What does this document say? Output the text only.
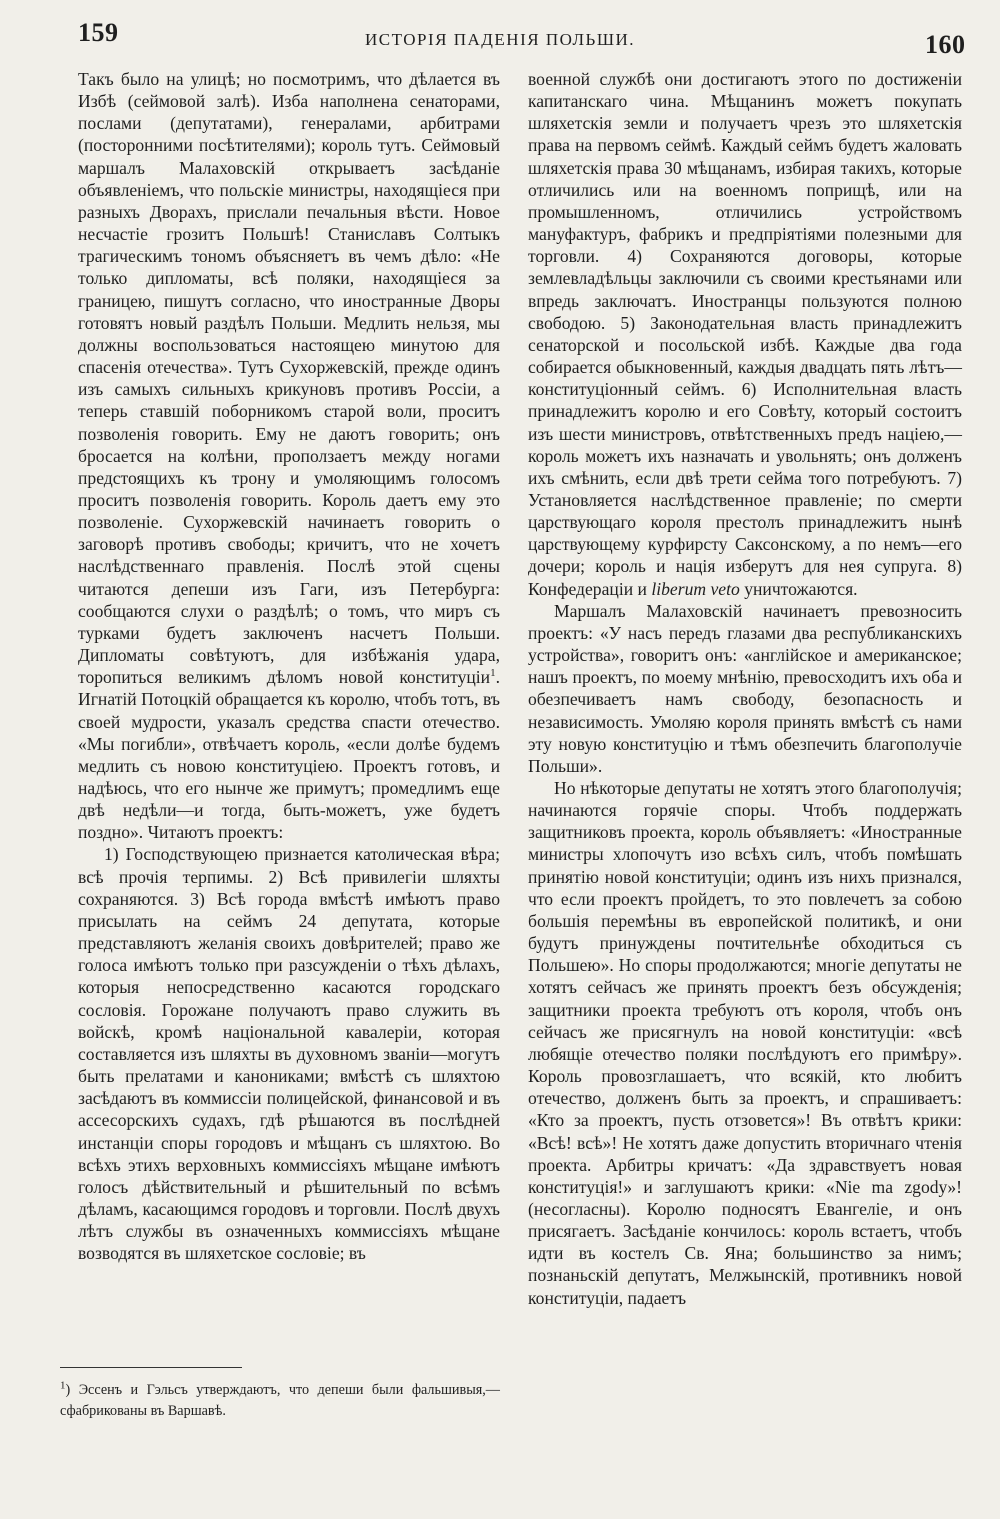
159	ИСТОРІЯ ПАДЕНІЯ ПОЛЬШИ.	160

Такъ было на улицѣ; но посмотримъ, что дѣлается въ Избѣ (сеймовой залѣ). Изба наполнена сенаторами, послами (депутатами), генералами, арбитрами (посторонними посѣтителями); король тутъ. Сеймовый маршалъ Малаховскій открываетъ засѣданіе объявленіемъ, что польскіе министры, находящіеся при разныхъ Дворахъ, прислали печальныя вѣсти. Новое несчастіе грозитъ Польшѣ! Станиславъ Солтыкъ трагическимъ тономъ объясняетъ въ чемъ дѣло: «Не только дипломаты, всѣ поляки, находящіеся за границею, пишутъ согласно, что иностранные Дворы готовятъ новый раздѣлъ Польши. Медлить нельзя, мы должны воспользоваться настоящею минутою для спасенія отечества». Тутъ Сухоржевскій, прежде одинъ изъ самыхъ сильныхъ крикуновъ противъ Россіи, а теперь ставшій поборникомъ старой воли, проситъ позволенія говорить. Ему не даютъ говорить; онъ бросается на колѣни, проползаетъ между ногами предстоящихъ къ трону и умоляющимъ голосомъ проситъ позволенія говорить. Король даетъ ему это позволеніе. Сухоржевскій начинаетъ говорить о заговорѣ противъ свободы; кричитъ, что не хочетъ наслѣдственнаго правленія. Послѣ этой сцены читаются депеши изъ Гаги, изъ Петербурга: сообщаются слухи о раздѣлѣ; о томъ, что миръ съ турками будетъ заключенъ насчетъ Польши. Дипломаты совѣтуютъ, для избѣжанія удара, торопиться великимъ дѣломъ новой конституціи$^1$. Игнатій Потоцкій обращается къ королю, чтобъ тотъ, въ своей мудрости, указалъ средства спасти отечество. «Мы погибли», отвѣчаетъ король, «если долѣе будемъ медлить съ новою конституціею. Проектъ готовъ, и надѣюсь, что его нынче же примутъ; промедлимъ еще двѣ недѣли—и тогда, быть-можетъ, уже будетъ поздно». Читаютъ проектъ:

1) Господствующею признается католическая вѣра; всѣ прочія терпимы. 2) Всѣ привилегіи шляхты сохраняются. 3) Всѣ города вмѣстѣ имѣютъ право присылать на сеймъ 24 депутата, которые представляютъ желанія своихъ довѣрителей; право же голоса имѣютъ только при разсужденіи о тѣхъ дѣлахъ, которыя непосредственно касаются городскаго сословія. Горожане получаютъ право служить въ войскѣ, кромѣ національной кавалеріи, которая составляется изъ шляхты въ духовномъ званіи—могутъ быть прелатами и канониками; вмѣстѣ съ шляхтою засѣдаютъ въ коммиссіи полицейской, финансовой и въ ассесорскихъ судахъ, гдѣ рѣшаются въ послѣдней инстанціи споры городовъ и мѣщанъ съ шляхтою. Во всѣхъ этихъ верховныхъ коммиссіяхъ мѣщане имѣютъ голосъ дѣйствительный и рѣшительный по всѣмъ дѣламъ, касающимся городовъ и торговли. Послѣ двухъ лѣтъ службы въ означенныхъ коммиссіяхъ мѣщане возводятся въ шляхетское сословіе; въ

военной службѣ они достигаютъ этого по достиженіи капитанскаго чина. Мѣщанинъ можетъ покупать шляхетскія земли и получаетъ чрезъ это шляхетскія права на первомъ сеймѣ. Каждый сеймъ будетъ жаловать шляхетскія права 30 мѣщанамъ, избирая такихъ, которые отличились или на военномъ поприщѣ, или на промышленномъ, отличились устройствомъ мануфактуръ, фабрикъ и предпріятіями полезными для торговли. 4) Сохраняются договоры, которые землевладѣльцы заключили съ своими крестьянами или впредь заключатъ. Иностранцы пользуются полною свободою. 5) Законодательная власть принадлежитъ сенаторской и посольской избѣ. Каждые два года собирается обыкновенный, каждыя двадцать пять лѣтъ—конституціонный сеймъ. 6) Исполнительная власть принадлежитъ королю и его Совѣту, который состоитъ изъ шести министровъ, отвѣтственныхъ предъ націею,—король можетъ ихъ назначать и увольнять; онъ долженъ ихъ смѣнить, если двѣ трети сейма того потребуютъ. 7) Установляется наслѣдственное правленіе; по смерти царствующаго короля престолъ принадлежитъ нынѣ царствующему курфирсту Саксонскому, а по немъ—его дочери; король и нація изберутъ для нея супруга. 8) Конфедераціи и liberum veto уничтожаются.

Маршалъ Малаховскій начинаетъ превозносить проектъ: «У насъ передъ глазами два республиканскихъ устройства», говоритъ онъ: «англійское и американское; нашъ проектъ, по моему мнѣнію, превосходитъ ихъ оба и обезпечиваетъ намъ свободу, безопасность и независимость. Умоляю короля принять вмѣстѣ съ нами эту новую конституцію и тѣмъ обезпечить благополучіе Польши».

Но нѣкоторые депутаты не хотятъ этого благополучія; начинаются горячіе споры. Чтобъ поддержать защитниковъ проекта, король объявляетъ: «Иностранные министры хлопочутъ изо всѣхъ силъ, чтобъ помѣшать принятію новой конституціи; одинъ изъ нихъ признался, что если проектъ пройдетъ, то это повлечетъ за собою большія перемѣны въ европейской политикѣ, и они будутъ принуждены почтительнѣе обходиться съ Польшею». Но споры продолжаются; многіе депутаты не хотятъ сейчасъ же принять проектъ безъ обсужденія; защитники проекта требуютъ отъ короля, чтобъ онъ сейчасъ же присягнулъ на новой конституціи: «всѣ любящіе отечество поляки послѣдуютъ его примѣру». Король провозглашаетъ, что всякій, кто любитъ отечество, долженъ быть за проектъ, и спрашиваетъ: «Кто за проектъ, пусть отзовется»! Въ отвѣтъ крики: «Всѣ! всѣ»! Не хотятъ даже допустить вторичнаго чтенія проекта. Арбитры кричатъ: «Да здравствуетъ новая конституція!» и заглушаютъ крики: «Nie ma zgody»! (несогласны). Королю подносятъ Евангеліе, и онъ присягаетъ. Засѣданіе кончилось: король встаетъ, чтобъ идти въ костелъ Св. Яна; большинство за нимъ; познаньскій депутатъ, Мелжынскій, противникъ новой конституціи, падаетъ

$^1$) Эссенъ и Гэльсъ утверждаютъ, что депеши были фальшивыя,—сфабрикованы въ Варшавѣ.
